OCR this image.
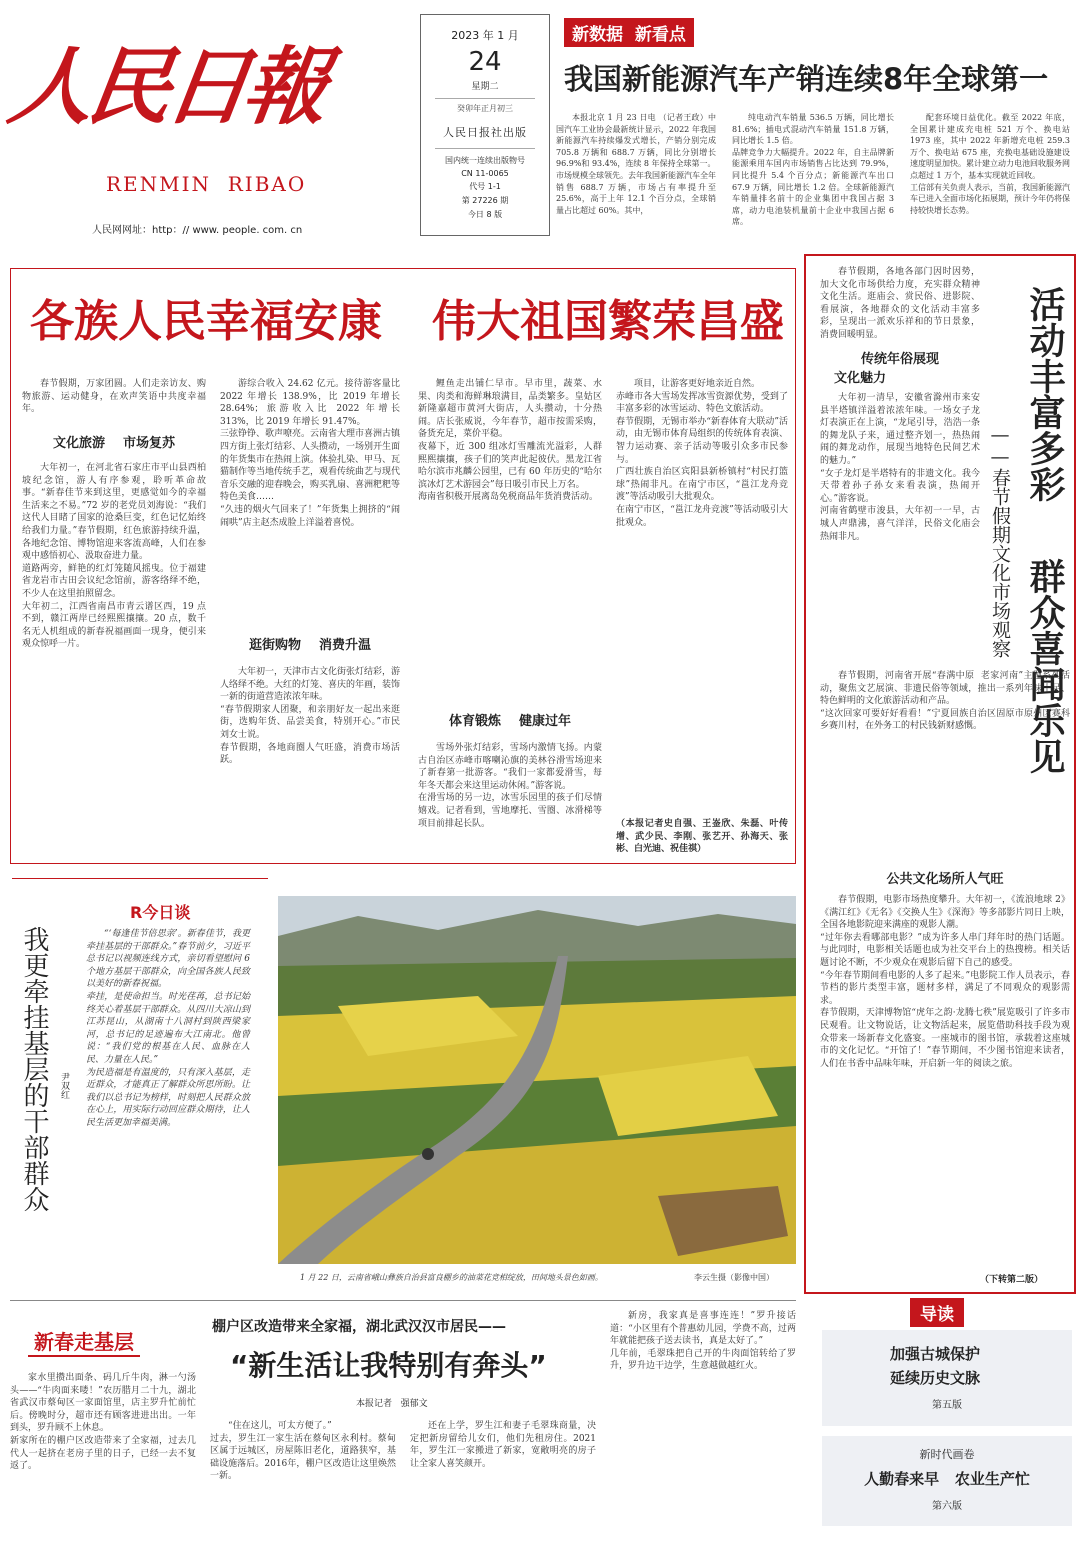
人民日報
RENMIN  RIBAO
人民网网址：http：// www. people. com. cn
2023 年 1 月
24
星期二
癸卯年正月初三
人民日报社出版
国内统一连续出版物号
CN 11-0065
代号 1-1
第 27226 期
今日 8 版
新数据  新看点
我国新能源汽车产销连续8年全球第一
本报北京 1 月 23 日电 （记者王政）中国汽车工业协会最新统计显示，2022 年我国新能源汽车持续爆发式增长，产销分别完成 705.8 万辆和 688.7 万辆，同比分别增长 96.9%和 93.4%，连续 8 年保持全球第一。
市场规模全球领先。去年我国新能源汽车全年销售 688.7 万辆，市场占有率提升至 25.6%，高于上年 12.1 个百分点，全球销量占比超过 60%。其中，
纯电动汽车销量 536.5 万辆，同比增长 81.6%；插电式混动汽车销量 151.8 万辆，同比增长 1.5 倍。
品牌竞争力大幅提升。2022 年，自主品牌新能源乘用车国内市场销售占比达到 79.9%，同比提升 5.4 个百分点；新能源汽车出口 67.9 万辆，同比增长 1.2 倍。全球新能源汽车销量排名前十的企业集团中我国占据 3 席，动力电池装机量前十企业中我国占据 6 席。
配套环境日益优化。截至 2022 年底，全国累计建成充电桩 521 万个、换电站 1973 座，其中 2022 年新增充电桩 259.3 万个、换电站 675 座，充换电基础设施建设速度明显加快。累计建立动力电池回收服务网点超过 1 万个，基本实现就近回收。
工信部有关负责人表示，当前，我国新能源汽车已进入全面市场化拓展期，预计今年仍将保持较快增长态势。
各族人民幸福安康 伟大祖国繁荣昌盛
春节假期，万家团圆。人们走亲访友、购物旅游、运动健身，在欢声笑语中共度幸福年。
文化旅游    市场复苏
大年初一，在河北省石家庄市平山县西柏坡纪念馆，游人有序参观，聆听革命故事。“新春佳节来到这里，更感觉如今的幸福生活来之不易。”72 岁的老党员刘海说：“我们这代人目睹了国家的沧桑巨变，红色记忆始终给我们力量。”春节假期，红色旅游持续升温，各地纪念馆、博物馆迎来客流高峰，人们在参观中感悟初心、汲取奋进力量。
道路两旁，鲜艳的红灯笼随风摇曳。位于福建省龙岩市古田会议纪念馆前，游客络绎不绝，不少人在这里拍照留念。
大年初二，江西省南昌市青云谱区西，19 点不到，赣江两岸已经熙熙攘攘。20 点，数千名无人机组成的新春祝福画面一现身，便引来观众惊呼一片。
游综合收入 24.62 亿元。接待游客量比 2022 年增长 138.9%，比 2019 年增长 28.64%；旅游收入比 2022 年增长 313%，比 2019 年增长 91.47%。
三弦铮铮、歌声嘹亮。云南省大理市喜洲古镇四方街上张灯结彩、人头攒动，一场别开生面的年货集市在热闹上演。体验扎染、甲马、瓦猫制作等当地传统手艺，观看传统曲艺与现代音乐交融的迎春晚会，购买乳扇、喜洲粑粑等特色美食……
“久违的烟火气回来了！”年货集上拥挤的“闹闹哄”店主赵杰成脸上洋溢着喜悦。
逛街购物    消费升温
大年初一，天津市古文化街张灯结彩，游人络绎不绝。大红的灯笼、喜庆的年画，装饰一新的街道营造浓浓年味。
“春节假期家人团聚，和亲朋好友一起出来逛街，选购年货、品尝美食，特别开心。”市民刘女士说。
春节假期，各地商圈人气旺盛，消费市场活跃。
鲤鱼走出铺仁早市。早市里，蔬菜、水果、肉类和海鲜琳琅满目，品类繁多。皇姑区新隆嘉超市黄河大街店，人头攒动，十分热闹。店长张威说，今年春节，超市按需采购，备货充足，菜价平稳。
夜幕下，近 300 组冰灯雪雕流光溢彩，人群熙熙攘攘，孩子们的笑声此起彼伏。黑龙江省哈尔滨市兆麟公园里，已有 60 年历史的“哈尔滨冰灯艺术游园会”每日吸引市民上万名。
海南省积极开展离岛免税商品年货消费活动。
体育锻炼    健康过年
雪场外张灯结彩，雪场内激情飞扬。内蒙古自治区赤峰市喀喇沁旗的美林谷滑雪场迎来了新春第一批游客。“我们一家都爱滑雪，每年冬天都会来这里运动休闲。”游客说。
在滑雪场的另一边，冰雪乐园里的孩子们尽情嬉戏。记者看到，雪地摩托、雪圈、冰滑梯等项目前排起长队。
项目，让游客更好地亲近自然。
赤峰市各大雪场发挥冰雪资源优势，受到了丰富多彩的冰雪运动、特色文旅活动。
春节假期，无锡市举办“新春体育大联动”活动，由无锡市体育局组织的传统体育表演、智力运动赛、亲子活动等吸引众多市民参与。
广西壮族自治区宾阳县新桥镇村“村民打篮球”热闹非凡。在南宁市区，“邕江龙舟竞渡”等活动吸引大批观众。
在南宁市区，“邕江龙舟竞渡”等活动吸引大批观众。
（本报记者史自强、王崟欣、朱磊、叶传增、武少民、李刚、张艺开、孙海天、张彬、白光迪、祝佳祺）
活动丰富多彩
群众喜闻乐见
——春节假期文化市场观察
春节假期，各地各部门因时因势，加大文化市场供给力度，充实群众精神文化生活。逛庙会、赏民俗、进影院、看展演，各地群众的文化活动丰富多彩，呈现出一派欢乐祥和的节日景象，消费回暖明显。
传统年俗展现
文化魅力
大年初一清早，安徽省滁州市来安县半塔镇洋溢着浓浓年味。一场女子龙灯表演正在上演，“龙尾引导，浩浩一条的舞龙队子来，通过整齐划一，热热闹闹的舞龙动作，展现当地特色民间艺术的魅力。”
“女子龙灯是半塔特有的非遗文化。我今天带着孙子孙女来看表演，热闹开心。”游客说。
河南省鹤壁市浚县，大年初一一早，古城人声鼎沸，喜气洋洋，民俗文化庙会热闹非凡。
春节假期，河南省开展“春满中原  老家河南”主题系列活动，聚焦文艺展演、非遗民俗等领域，推出一系列年味十足、特色鲜明的文化旅游活动和产品。
“这次回家可要好好看看！”宁夏回族自治区固原市原州区赛科乡赛川村，在外务工的村民钱新财感慨。
公共文化场所人气旺
春节假期，电影市场热度攀升。大年初一，《流浪地球 2》《满江红》《无名》《交换人生》《深海》等多部影片同日上映，全国各地影院迎来满座的观影人潮。
“过年你去看哪部电影？”成为许多人串门拜年时的热门话题。与此同时，电影相关话题也成为社交平台上的热搜榜。相关话题讨论不断，不少观众在观影后留下自己的感受。
“今年春节期间看电影的人多了起来。”电影院工作人员表示，春节档的影片类型丰富，题材多样，满足了不同观众的观影需求。
春节假期，天津博物馆“虎年之韵·龙腾七秩”展览吸引了许多市民观看。让文物说话，让文物活起来，展览借助科技手段为观众带来一场新春文化盛宴。一座城市的图书馆，承载着这座城市的文化记忆。“开馆了！”春节期间，不少图书馆迎来读者，人们在书香中品味年味，开启新一年的阅读之旅。
（下转第二版）
R今日谈
我更牵挂基层的干部群众	尹双红
“‘每逢佳节倍思亲’。新春佳节，我更牵挂基层的干部群众。”春节前夕，习近平总书记以视频连线方式，亲切看望慰问 6 个地方基层干部群众，向全国各族人民致以美好的新春祝福。
牵挂，是使命担当。时光荏苒，总书记始终关心着基层干部群众。从四川大凉山到江苏昆山，从湖南十八洞村到陕西梁家河，总书记的足迹遍布大江南北。他曾说：“我们党的根基在人民、血脉在人民、力量在人民。”
为民造福是有温度的，只有深入基层，走近群众，才能真正了解群众所思所盼。让我们以总书记为榜样，时刻把人民群众放在心上，用实际行动回应群众期待，让人民生活更加幸福美满。
1 月 22 日，云南省峨山彝族自治县富良棚乡的油菜花竞相绽放，田间地头景色如画。	李云生摄（影像中国）
新春走基层
棚户区改造带来全家福，湖北武汉汉市居民——
“新生活让我特别有奔头”
本报记者   强郁文
家水里攒出面条、码几斤牛肉，淋一勺汤头——“牛肉面来喽！”农历腊月二十九，湖北省武汉市蔡甸区一家面馆里，店主罗升忙前忙后。傍晚时分，超市还有顾客进进出出。一年到头，罗升顾不上休息。
新家所在的棚户区改造带来了全家福，过去几代人一起挤在老房子里的日子，已经一去不复返了。
“住在这儿，可太方便了。”
过去，罗生江一家生活在蔡甸区永利村。蔡甸区属于远城区，房屋陈旧老化，道路狭窄，基础设施落后。2016年，棚户区改造让这里焕然一新。
还在上学，罗生江和妻子毛翠珠商量，决定把新房留给儿女们，他们先租房住。2021年，罗生江一家搬进了新家，宽敞明亮的房子让全家人喜笑颜开。
新房，我家真是喜事连连！”罗升接话道：“小区里有个普惠幼儿园，学费不高，过两年就能把孩子送去读书，真是太好了。”
几年前，毛翠珠把自己开的牛肉面馆转给了罗升，罗升边干边学，生意越做越红火。
导读
加强古城保护
延续历史文脉
第五版
新时代画卷
人勤春来早   农业生产忙
第六版
